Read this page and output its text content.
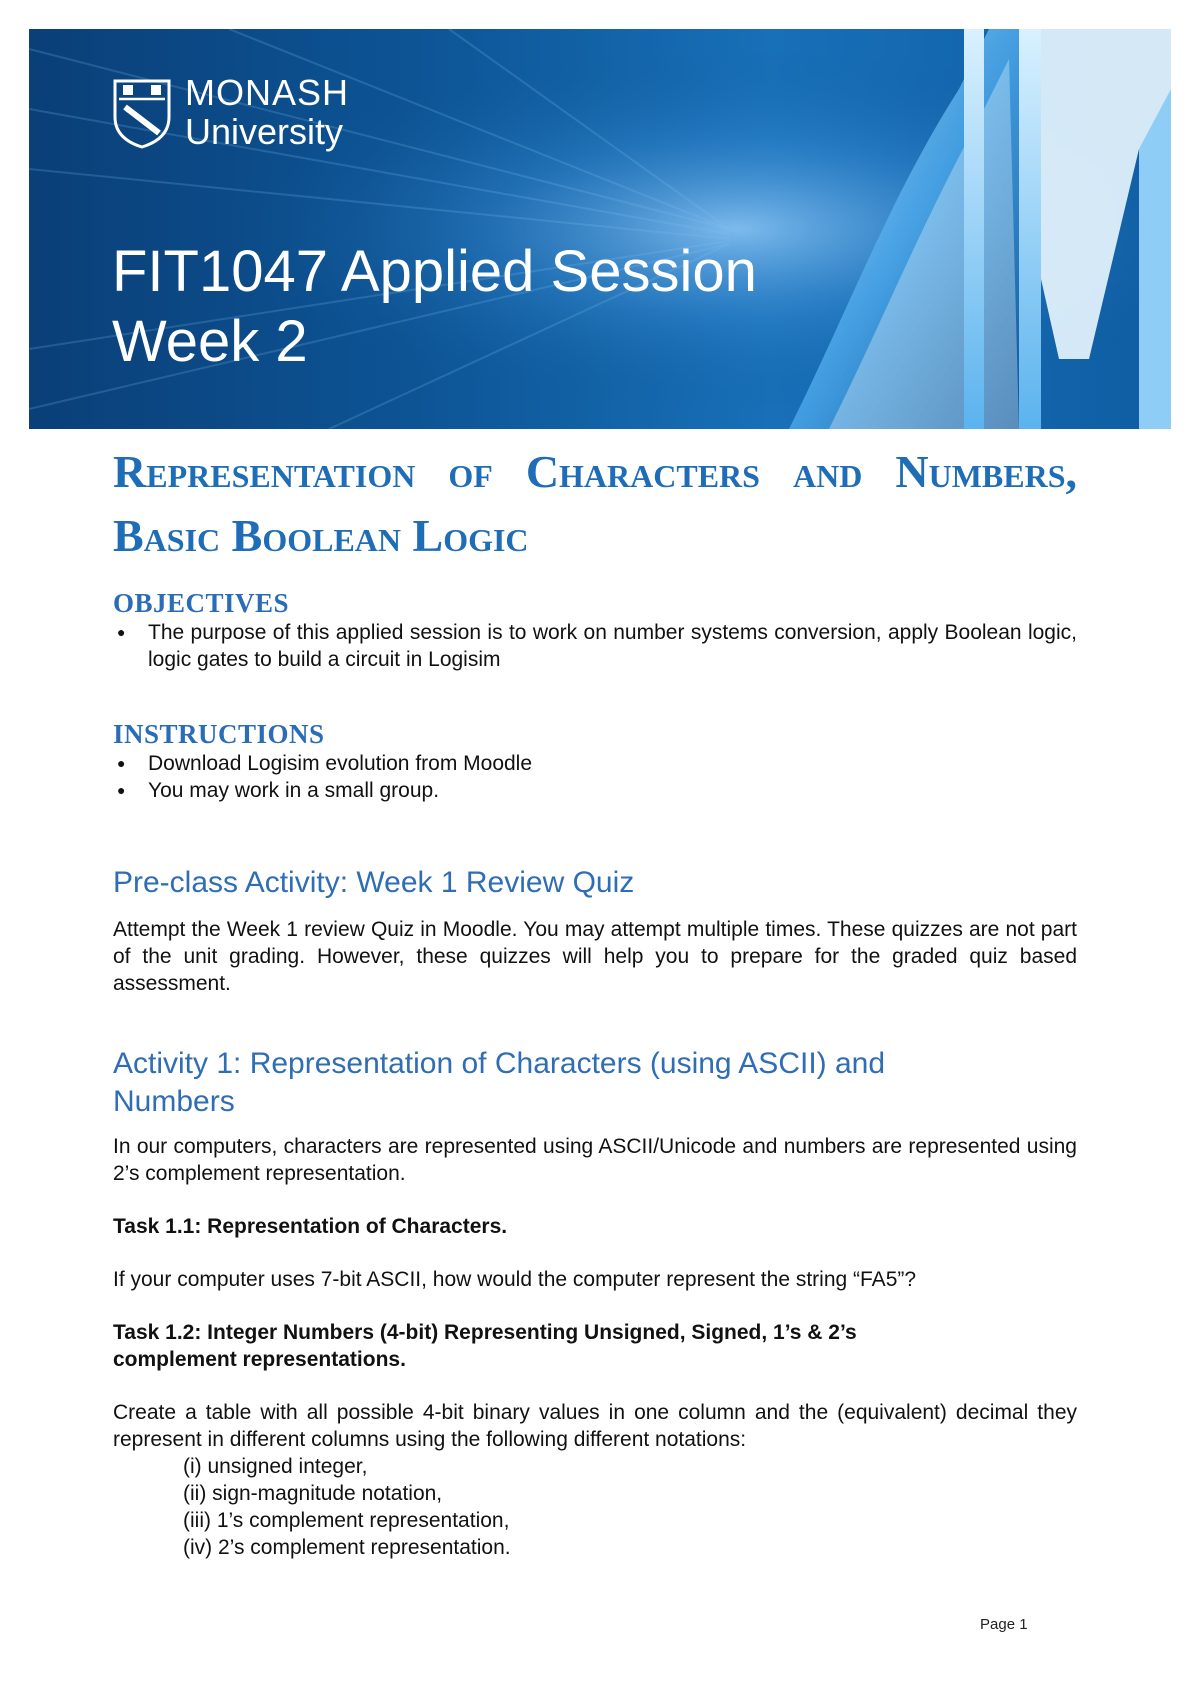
MONASH
University
FIT1047 Applied Session
Week 2
Representation of Characters and Numbers, Basic Boolean Logic
OBJECTIVES
● The purpose of this applied session is to work on number systems conversion, apply Boolean logic, logic gates to build a circuit in Logisim
INSTRUCTIONS
● Download Logisim evolution from Moodle
● You may work in a small group.
Pre-class Activity: Week 1 Review Quiz

Attempt the Week 1 review Quiz in Moodle. You may attempt multiple times. These quizzes are not part of the unit grading. However, these quizzes will help you to prepare for the graded quiz based assessment.

Activity 1: Representation of Characters (using ASCII) and Numbers

In our computers, characters are represented using ASCII/Unicode and numbers are represented using 2’s complement representation.

Task 1.1: Representation of Characters.

If your computer uses 7-bit ASCII, how would the computer represent the string “FA5”?

Task 1.2: Integer Numbers (4-bit) Representing Unsigned, Signed, 1’s & 2’s complement representations.

Create a table with all possible 4-bit binary values in one column and the (equivalent) decimal they represent in different columns using the following different notations:

(i) unsigned integer,

(ii) sign-magnitude notation,

(iii) 1’s complement representation,

(iv) 2’s complement representation.

Page 1
